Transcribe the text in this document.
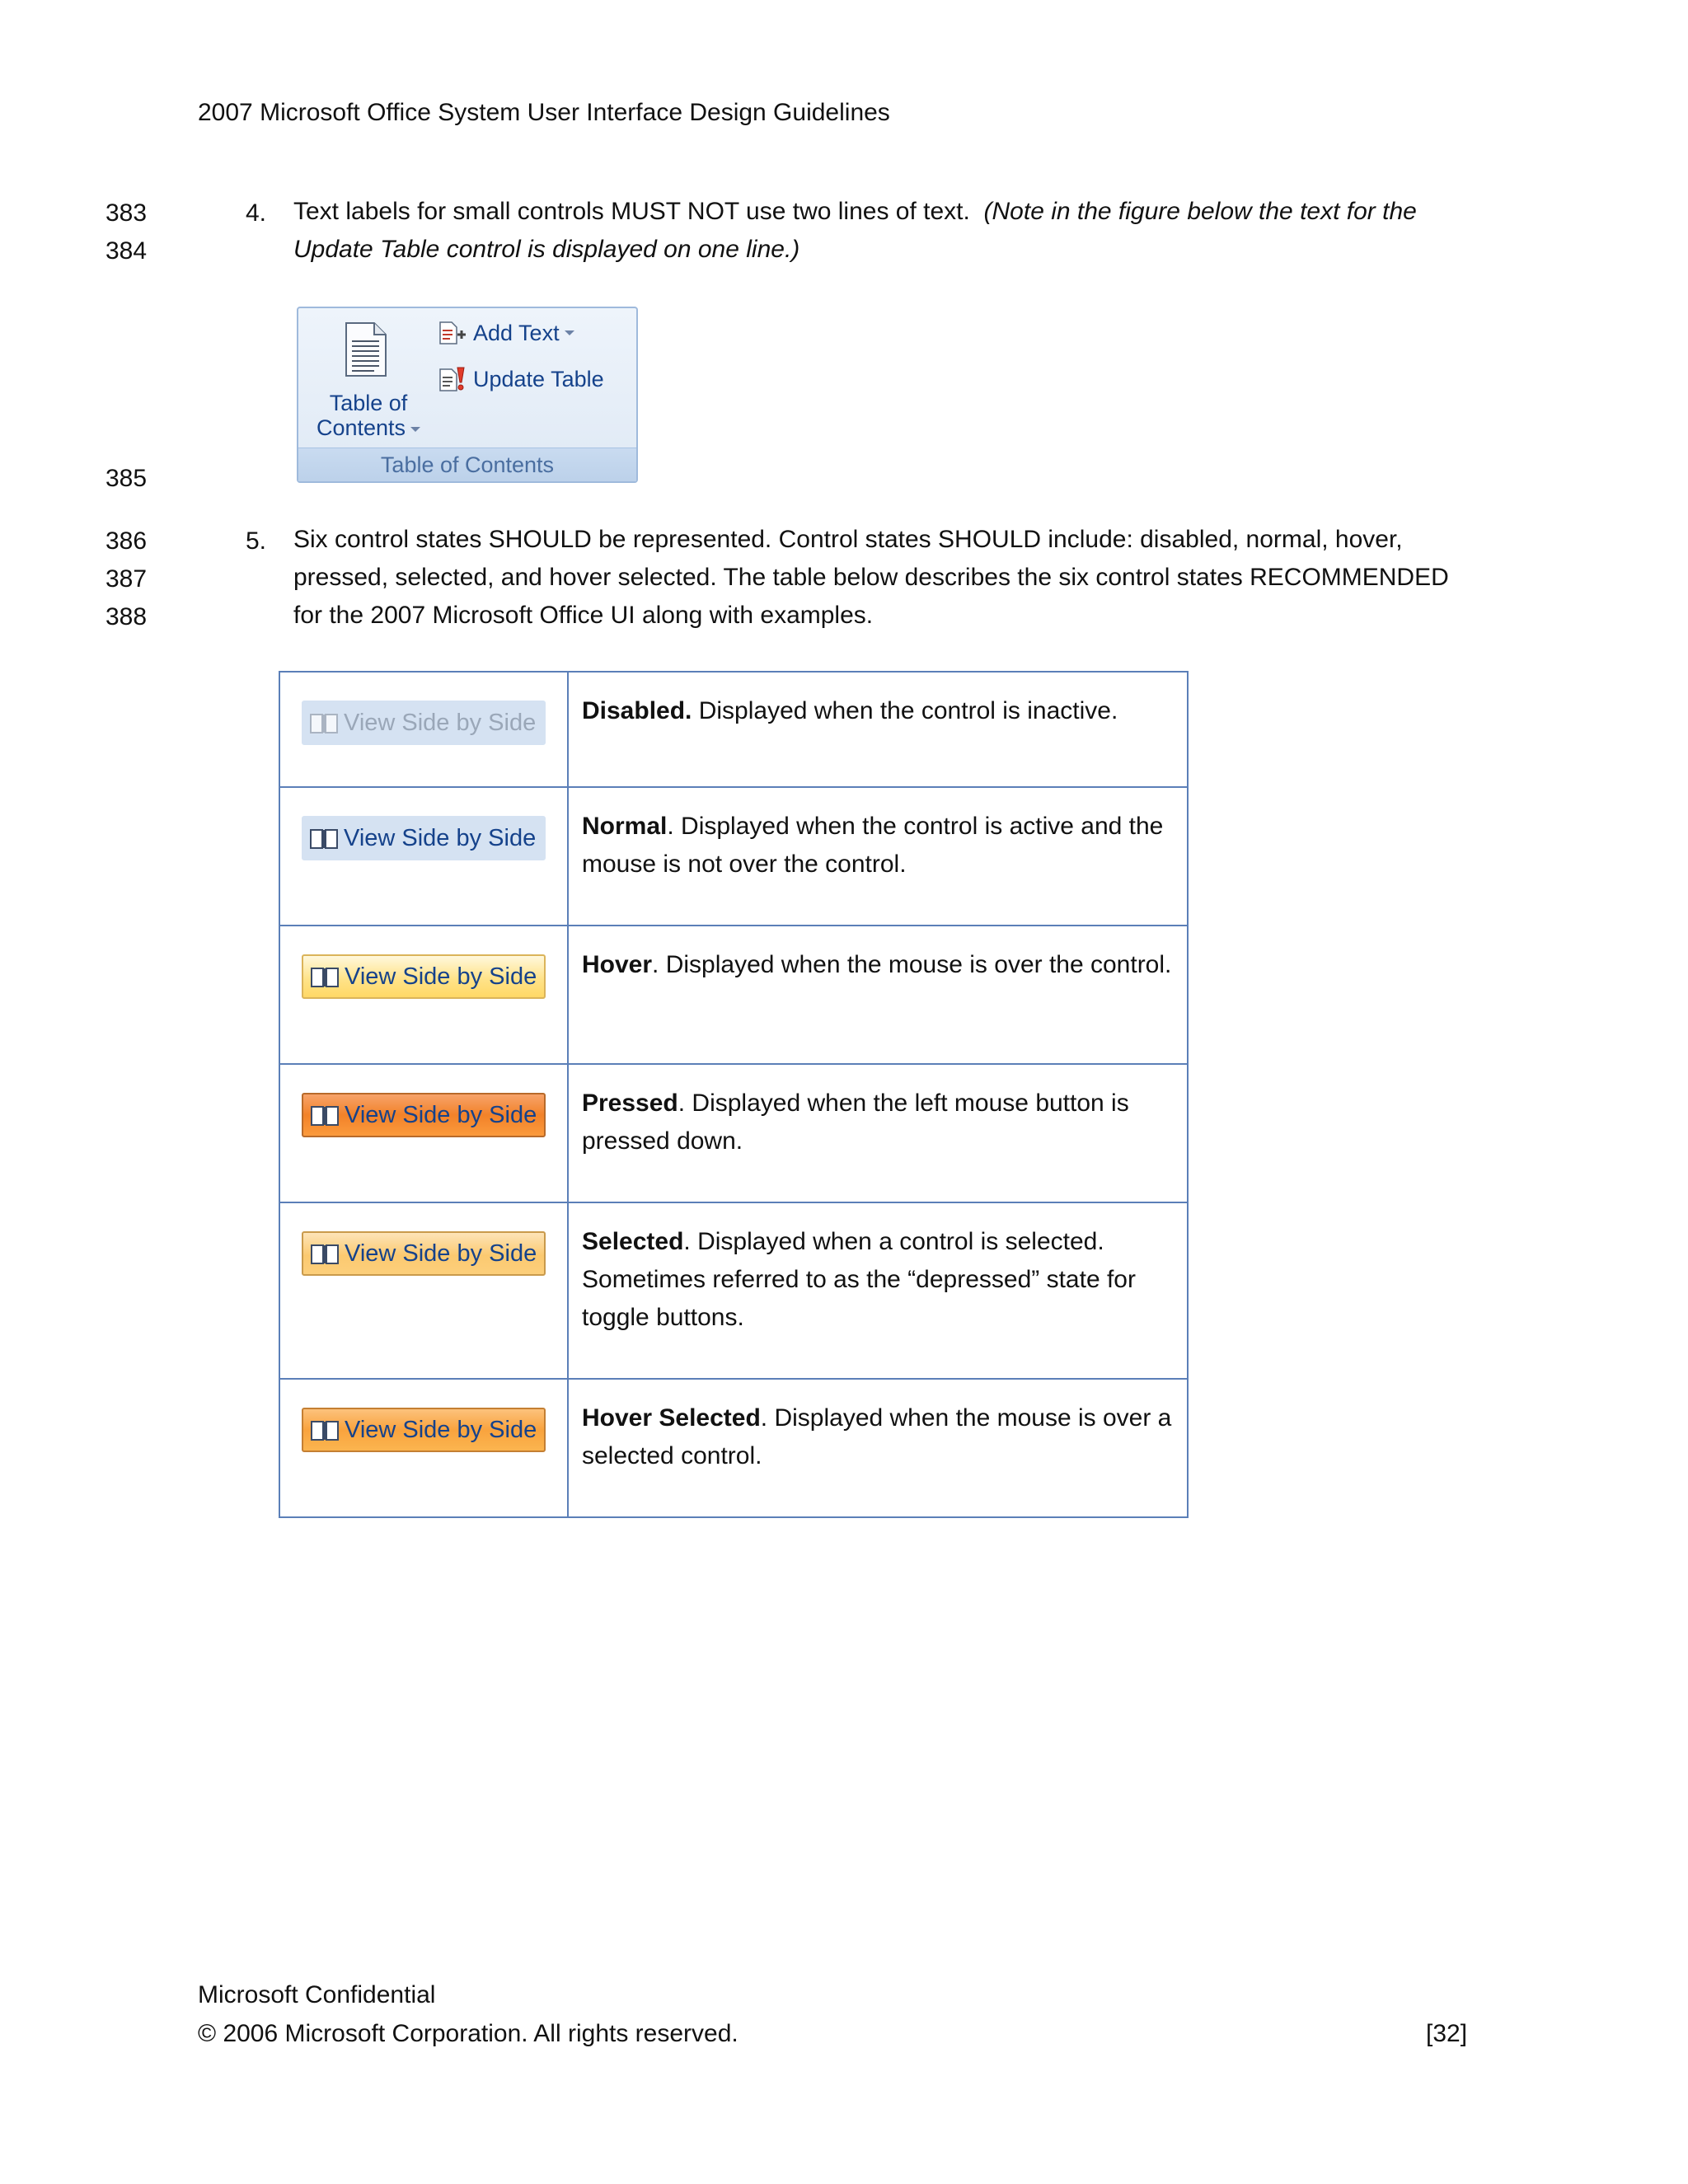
2007 Microsoft Office System User Interface Design Guidelines
383
384
385
386
387
388
4. Text labels for small controls MUST NOT use two lines of text. (Note in the figure below the text for the
Update Table control is displayed on one line.)
Table of
Contents
Add Text
Update Table
Table of Contents
5. Six control states SHOULD be represented. Control states SHOULD include: disabled, normal, hover,
pressed, selected, and hover selected. The table below describes the six control states RECOMMENDED
for the 2007 Microsoft Office UI along with examples.
View Side by Side	Disabled. Displayed when the control is inactive.

View Side by Side	Normal. Displayed when the control is active and the mouse is not over the control.

View Side by Side	Hover. Displayed when the mouse is over the control.

View Side by Side	Pressed. Displayed when the left mouse button is pressed down.

View Side by Side	Selected. Displayed when a control is selected. Sometimes referred to as the “depressed” state for toggle buttons.

View Side by Side	Hover Selected. Displayed when the mouse is over a selected control.
Microsoft Confidential
© 2006 Microsoft Corporation. All rights reserved.	[32]
